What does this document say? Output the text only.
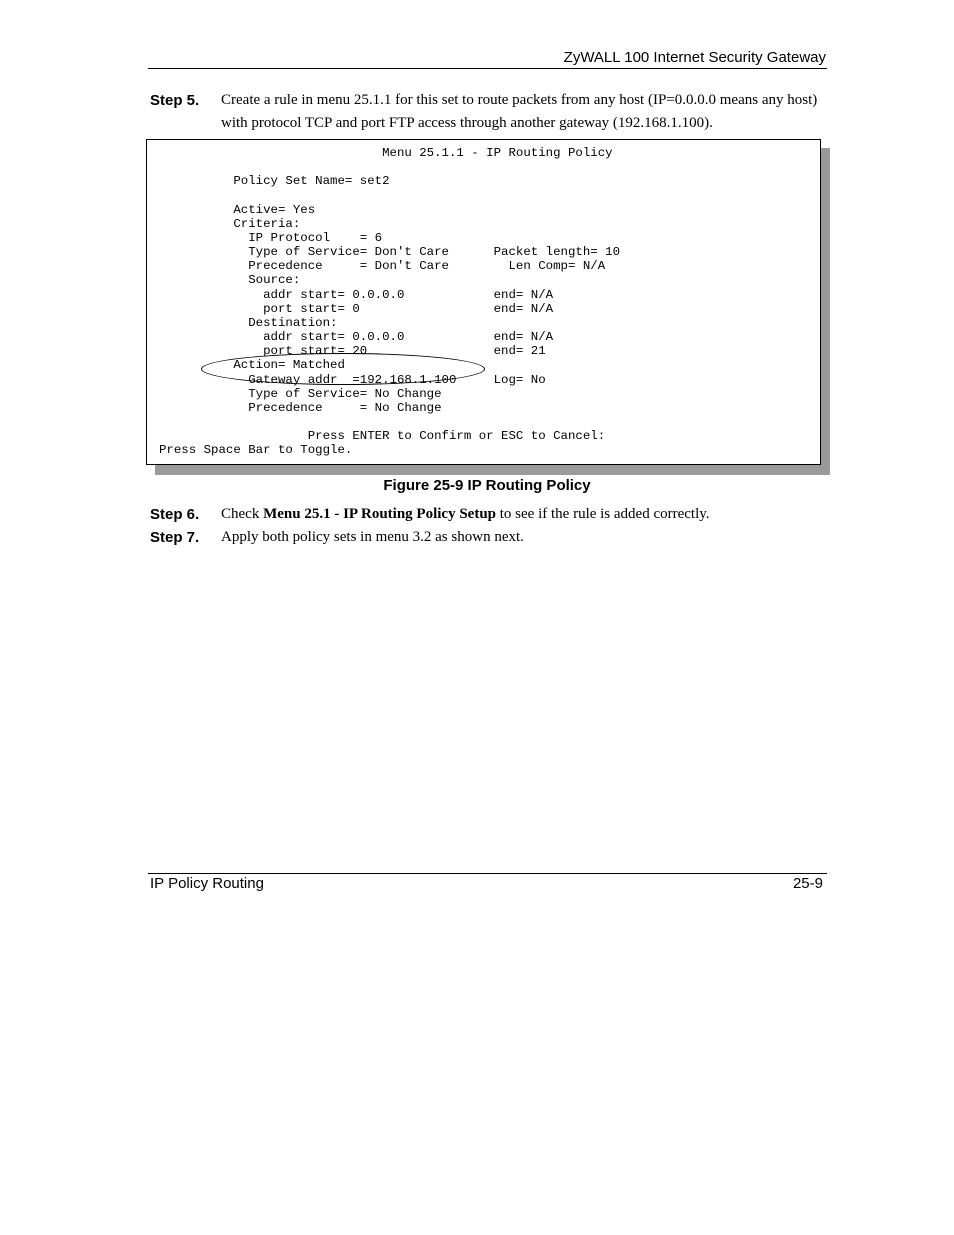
ZyWALL 100 Internet Security Gateway
Step 5. Create a rule in menu 25.1.1 for this set to route packets from any host (IP=0.0.0.0 means any host) with protocol TCP and port FTP access through another gateway (192.168.1.100).
Menu 25.1.1 - IP Routing Policy

Policy Set Name= set2

Active= Yes
Criteria:
IP Protocol    = 6
Type of Service= Don't Care      Packet length= 10
Precedence     = Don't Care        Len Comp= N/A
Source:
addr start= 0.0.0.0            end= N/A
port start= 0                  end= N/A
Destination:
addr start= 0.0.0.0            end= N/A
port start= 20                 end= 21
Action= Matched
Gateway addr  =192.168.1.100     Log= No
Type of Service= No Change
Precedence     = No Change

Press ENTER to Confirm or ESC to Cancel:
Press Space Bar to Toggle.
Figure 25-9 IP Routing Policy
Step 6. Check Menu 25.1 - IP Routing Policy Setup to see if the rule is added correctly.
Step 7. Apply both policy sets in menu 3.2 as shown next.
IP Policy Routing	25-9
